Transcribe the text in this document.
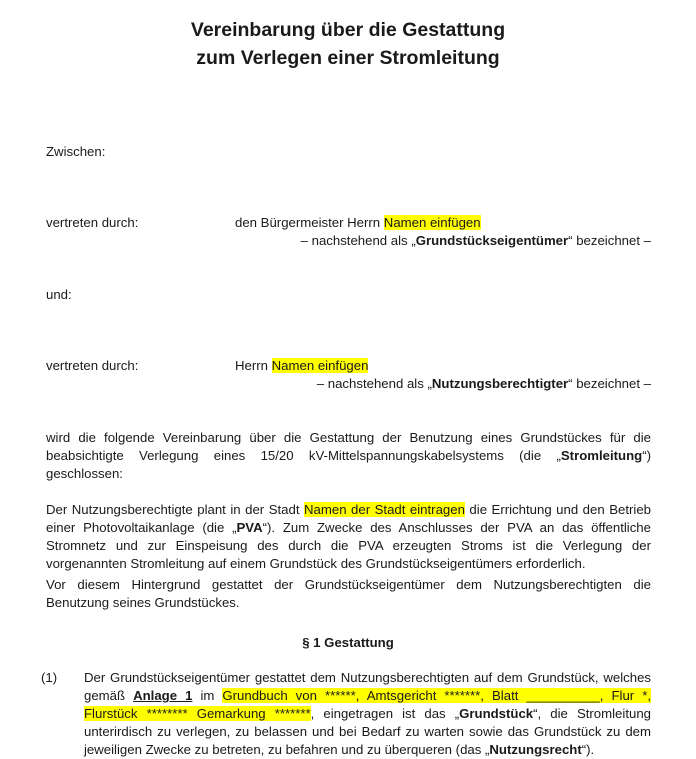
Vereinbarung über die Gestattung
zum Verlegen einer Stromleitung
Zwischen:
vertreten durch:	den Bürgermeister Herrn Namen einfügen
– nachstehend als „Grundstückseigentümer“ bezeichnet –
und:
vertreten durch:	Herrn Namen einfügen
– nachstehend als „Nutzungsberechtigter“ bezeichnet –
wird die folgende Vereinbarung über die Gestattung der Benutzung eines Grundstückes für die beabsichtigte Verlegung eines 15/20 kV-Mittelspannungskabelsystems (die „Stromleitung“) geschlossen:
Der Nutzungsberechtigte plant in der Stadt Namen der Stadt eintragen die Errichtung und den Betrieb einer Photovoltaikanlage (die „PVA“). Zum Zwecke des Anschlusses der PVA an das öffentliche Stromnetz und zur Einspeisung des durch die PVA erzeugten Stroms ist die Verlegung der vorgenannten Stromleitung auf einem Grundstück des Grundstückseigentümers erforderlich.
Vor diesem Hintergrund gestattet der Grundstückseigentümer dem Nutzungsberechtigten die Benutzung seines Grundstückes.
§ 1 Gestattung
(1) Der Grundstückseigentümer gestattet dem Nutzungsberechtigten auf dem Grundstück, welches gemäß Anlage 1 im Grundbuch von ******, Amtsgericht *******, Blatt __________, Flur *, Flurstück ******** Gemarkung *******, eingetragen ist das „Grundstück“, die Stromleitung unterirdisch zu verlegen, zu belassen und bei Bedarf zu warten sowie das Grundstück zu dem jeweiligen Zwecke zu betreten, zu befahren und zu überqueren (das „Nutzungsrecht“).
